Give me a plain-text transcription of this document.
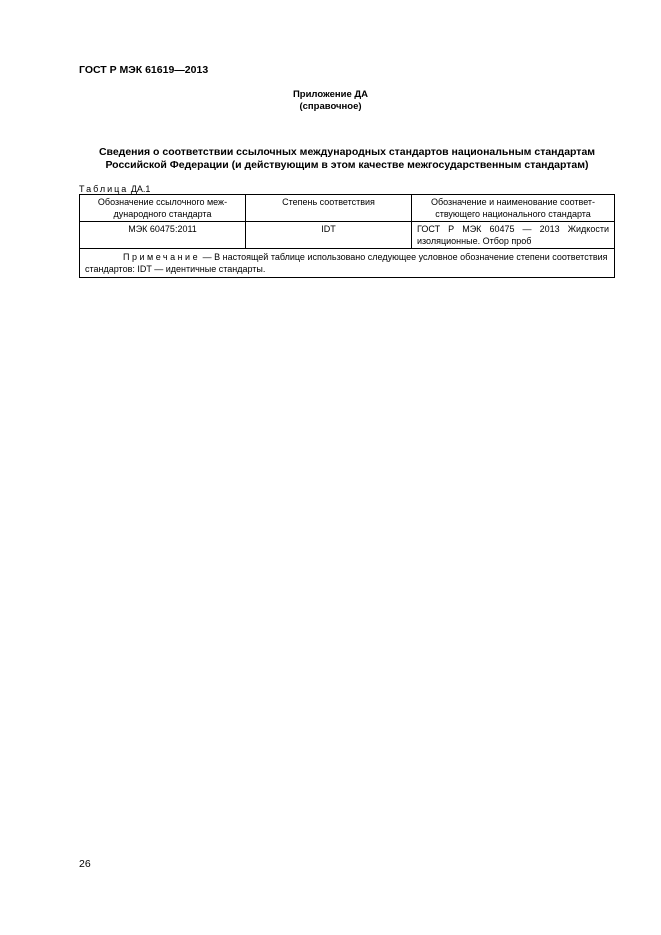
ГОСТ Р МЭК 61619—2013

Приложение ДА
(справочное)

Сведения о соответствии ссылочных международных стандартов национальным стандартам
Российской Федерации (и действующим в этом качестве межгосударственным стандартам)

Таблица ДА.1
Обозначение ссылочного меж-дународного стандарта	Степень соответствия	Обозначение и наименование соответ-ствующего национального стандарта
МЭК 60475:2011	IDT	ГОСТ Р МЭК 60475 — 2013 Жидкости изоляционные. Отбор проб
Примечание — В настоящей таблице использовано следующее условное обозначение степени соответствия стандартов: IDT — идентичные стандарты.		
26
